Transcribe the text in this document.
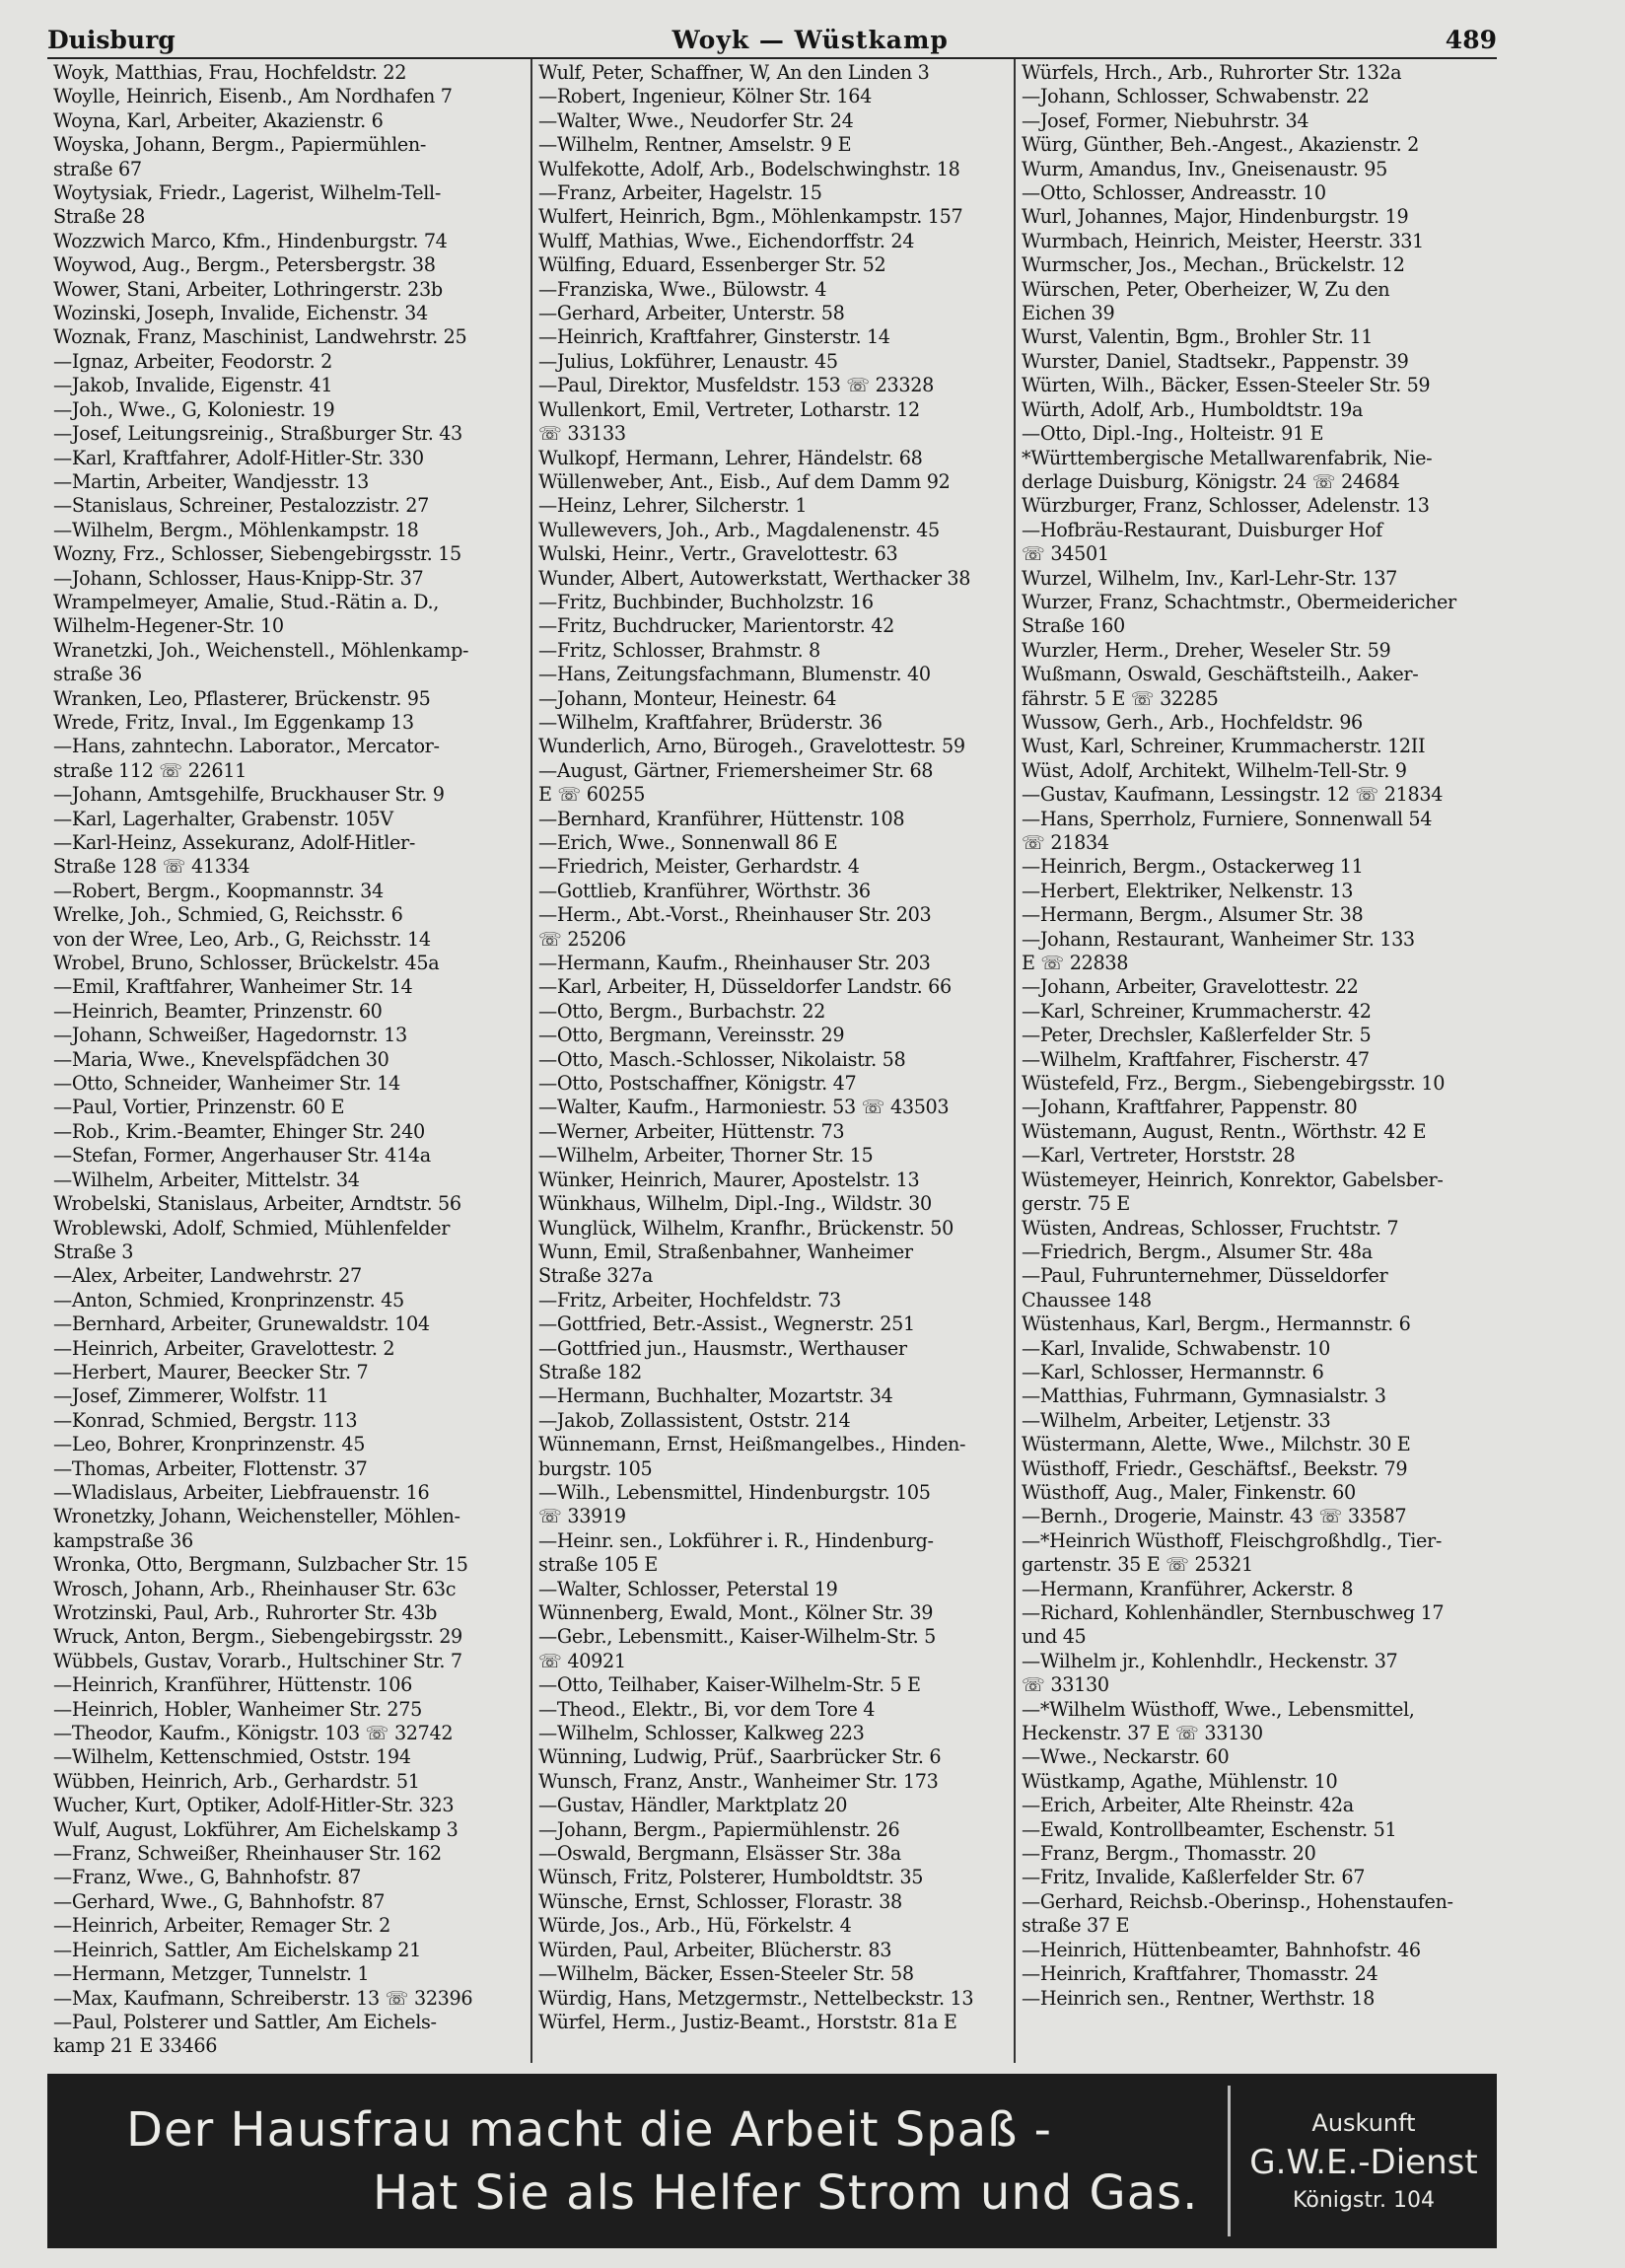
Duisburg	Woyk — Wüstkamp	489
Woyk, Matthias, Frau, Hochfeldstr. 22
Woylle, Heinrich, Eisenb., Am Nordhafen 7
Woyna, Karl, Arbeiter, Akazienstr. 6
Woyska, Johann, Bergm., Papiermühlen-
straße 67
Woytysiak, Friedr., Lagerist, Wilhelm-Tell-
Straße 28
Wozzwich Marco, Kfm., Hindenburgstr. 74
Woywod, Aug., Bergm., Petersbergstr. 38
Wower, Stani, Arbeiter, Lothringerstr. 23b
Wozinski, Joseph, Invalide, Eichenstr. 34
Woznak, Franz, Maschinist, Landwehrstr. 25
—Ignaz, Arbeiter, Feodorstr. 2
—Jakob, Invalide, Eigenstr. 41
—Joh., Wwe., G, Koloniestr. 19
—Josef, Leitungsreinig., Straßburger Str. 43
—Karl, Kraftfahrer, Adolf-Hitler-Str. 330
—Martin, Arbeiter, Wandjesstr. 13
—Stanislaus, Schreiner, Pestalozzistr. 27
—Wilhelm, Bergm., Möhlenkampstr. 18
Wozny, Frz., Schlosser, Siebengebirgsstr. 15
—Johann, Schlosser, Haus-Knipp-Str. 37
Wrampelmeyer, Amalie, Stud.-Rätin a. D.,
Wilhelm-Hegener-Str. 10
Wranetzki, Joh., Weichenstell., Möhlenkamp-
straße 36
Wranken, Leo, Pflasterer, Brückenstr. 95
Wrede, Fritz, Inval., Im Eggenkamp 13
—Hans, zahntechn. Laborator., Mercator-
straße 112 ☏ 22611
—Johann, Amtsgehilfe, Bruckhauser Str. 9
—Karl, Lagerhalter, Grabenstr. 105V
—Karl-Heinz, Assekuranz, Adolf-Hitler-
Straße 128 ☏ 41334
—Robert, Bergm., Koopmannstr. 34
Wrelke, Joh., Schmied, G, Reichsstr. 6
von der Wree, Leo, Arb., G, Reichsstr. 14
Wrobel, Bruno, Schlosser, Brückelstr. 45a
—Emil, Kraftfahrer, Wanheimer Str. 14
—Heinrich, Beamter, Prinzenstr. 60
—Johann, Schweißer, Hagedornstr. 13
—Maria, Wwe., Knevelspfädchen 30
—Otto, Schneider, Wanheimer Str. 14
—Paul, Vortier, Prinzenstr. 60 E
—Rob., Krim.-Beamter, Ehinger Str. 240
—Stefan, Former, Angerhauser Str. 414a
—Wilhelm, Arbeiter, Mittelstr. 34
Wrobelski, Stanislaus, Arbeiter, Arndtstr. 56
Wroblewski, Adolf, Schmied, Mühlenfelder
Straße 3
—Alex, Arbeiter, Landwehrstr. 27
—Anton, Schmied, Kronprinzenstr. 45
—Bernhard, Arbeiter, Grunewaldstr. 104
—Heinrich, Arbeiter, Gravelottestr. 2
—Herbert, Maurer, Beecker Str. 7
—Josef, Zimmerer, Wolfstr. 11
—Konrad, Schmied, Bergstr. 113
—Leo, Bohrer, Kronprinzenstr. 45
—Thomas, Arbeiter, Flottenstr. 37
—Wladislaus, Arbeiter, Liebfrauenstr. 16
Wronetzky, Johann, Weichensteller, Möhlen-
kampstraße 36
Wronka, Otto, Bergmann, Sulzbacher Str. 15
Wrosch, Johann, Arb., Rheinhauser Str. 63c
Wrotzinski, Paul, Arb., Ruhrorter Str. 43b
Wruck, Anton, Bergm., Siebengebirgsstr. 29
Wübbels, Gustav, Vorarb., Hultschiner Str. 7
—Heinrich, Kranführer, Hüttenstr. 106
—Heinrich, Hobler, Wanheimer Str. 275
—Theodor, Kaufm., Königstr. 103 ☏ 32742
—Wilhelm, Kettenschmied, Oststr. 194
Wübben, Heinrich, Arb., Gerhardstr. 51
Wucher, Kurt, Optiker, Adolf-Hitler-Str. 323
Wulf, August, Lokführer, Am Eichelskamp 3
—Franz, Schweißer, Rheinhauser Str. 162
—Franz, Wwe., G, Bahnhofstr. 87
—Gerhard, Wwe., G, Bahnhofstr. 87
—Heinrich, Arbeiter, Remager Str. 2
—Heinrich, Sattler, Am Eichelskamp 21
—Hermann, Metzger, Tunnelstr. 1
—Max, Kaufmann, Schreiberstr. 13 ☏ 32396
—Paul, Polsterer und Sattler, Am Eichels-
kamp 21 E 33466
Wulf, Peter, Schaffner, W, An den Linden 3
—Robert, Ingenieur, Kölner Str. 164
—Walter, Wwe., Neudorfer Str. 24
—Wilhelm, Rentner, Amselstr. 9 E
Wulfekotte, Adolf, Arb., Bodelschwinghstr. 18
—Franz, Arbeiter, Hagelstr. 15
Wulfert, Heinrich, Bgm., Möhlenkampstr. 157
Wulff, Mathias, Wwe., Eichendorffstr. 24
Wülfing, Eduard, Essenberger Str. 52
—Franziska, Wwe., Bülowstr. 4
—Gerhard, Arbeiter, Unterstr. 58
—Heinrich, Kraftfahrer, Ginsterstr. 14
—Julius, Lokführer, Lenaustr. 45
—Paul, Direktor, Musfeldstr. 153 ☏ 23328
Wullenkort, Emil, Vertreter, Lotharstr. 12
☏ 33133
Wulkopf, Hermann, Lehrer, Händelstr. 68
Wüllenweber, Ant., Eisb., Auf dem Damm 92
—Heinz, Lehrer, Silcherstr. 1
Wullewevers, Joh., Arb., Magdalenenstr. 45
Wulski, Heinr., Vertr., Gravelottestr. 63
Wunder, Albert, Autowerkstatt, Werthacker 38
—Fritz, Buchbinder, Buchholzstr. 16
—Fritz, Buchdrucker, Marientorstr. 42
—Fritz, Schlosser, Brahmstr. 8
—Hans, Zeitungsfachmann, Blumenstr. 40
—Johann, Monteur, Heinestr. 64
—Wilhelm, Kraftfahrer, Brüderstr. 36
Wunderlich, Arno, Bürogeh., Gravelottestr. 59
—August, Gärtner, Friemersheimer Str. 68
E ☏ 60255
—Bernhard, Kranführer, Hüttenstr. 108
—Erich, Wwe., Sonnenwall 86 E
—Friedrich, Meister, Gerhardstr. 4
—Gottlieb, Kranführer, Wörthstr. 36
—Herm., Abt.-Vorst., Rheinhauser Str. 203
☏ 25206
—Hermann, Kaufm., Rheinhauser Str. 203
—Karl, Arbeiter, H, Düsseldorfer Landstr. 66
—Otto, Bergm., Burbachstr. 22
—Otto, Bergmann, Vereinsstr. 29
—Otto, Masch.-Schlosser, Nikolaistr. 58
—Otto, Postschaffner, Königstr. 47
—Walter, Kaufm., Harmoniestr. 53 ☏ 43503
—Werner, Arbeiter, Hüttenstr. 73
—Wilhelm, Arbeiter, Thorner Str. 15
Wünker, Heinrich, Maurer, Apostelstr. 13
Wünkhaus, Wilhelm, Dipl.-Ing., Wildstr. 30
Wunglück, Wilhelm, Kranfhr., Brückenstr. 50
Wunn, Emil, Straßenbahner, Wanheimer
Straße 327a
—Fritz, Arbeiter, Hochfeldstr. 73
—Gottfried, Betr.-Assist., Wegnerstr. 251
—Gottfried jun., Hausmstr., Werthauser
Straße 182
—Hermann, Buchhalter, Mozartstr. 34
—Jakob, Zollassistent, Oststr. 214
Wünnemann, Ernst, Heißmangelbes., Hinden-
burgstr. 105
—Wilh., Lebensmittel, Hindenburgstr. 105
☏ 33919
—Heinr. sen., Lokführer i. R., Hindenburg-
straße 105 E
—Walter, Schlosser, Peterstal 19
Wünnenberg, Ewald, Mont., Kölner Str. 39
—Gebr., Lebensmitt., Kaiser-Wilhelm-Str. 5
☏ 40921
—Otto, Teilhaber, Kaiser-Wilhelm-Str. 5 E
—Theod., Elektr., Bi, vor dem Tore 4
—Wilhelm, Schlosser, Kalkweg 223
Wünning, Ludwig, Prüf., Saarbrücker Str. 6
Wunsch, Franz, Anstr., Wanheimer Str. 173
—Gustav, Händler, Marktplatz 20
—Johann, Bergm., Papiermühlenstr. 26
—Oswald, Bergmann, Elsässer Str. 38a
Wünsch, Fritz, Polsterer, Humboldtstr. 35
Wünsche, Ernst, Schlosser, Florastr. 38
Würde, Jos., Arb., Hü, Förkelstr. 4
Würden, Paul, Arbeiter, Blücherstr. 83
—Wilhelm, Bäcker, Essen-Steeler Str. 58
Würdig, Hans, Metzgermstr., Nettelbeckstr. 13
Würfel, Herm., Justiz-Beamt., Horststr. 81a E
Würfels, Hrch., Arb., Ruhrorter Str. 132a
—Johann, Schlosser, Schwabenstr. 22
—Josef, Former, Niebuhrstr. 34
Würg, Günther, Beh.-Angest., Akazienstr. 2
Wurm, Amandus, Inv., Gneisenaustr. 95
—Otto, Schlosser, Andreasstr. 10
Wurl, Johannes, Major, Hindenburgstr. 19
Wurmbach, Heinrich, Meister, Heerstr. 331
Wurmscher, Jos., Mechan., Brückelstr. 12
Würschen, Peter, Oberheizer, W, Zu den
Eichen 39
Wurst, Valentin, Bgm., Brohler Str. 11
Wurster, Daniel, Stadtsekr., Pappenstr. 39
Würten, Wilh., Bäcker, Essen-Steeler Str. 59
Würth, Adolf, Arb., Humboldtstr. 19a
—Otto, Dipl.-Ing., Holteistr. 91 E
*Württembergische Metallwarenfabrik, Nie-
derlage Duisburg, Königstr. 24 ☏ 24684
Würzburger, Franz, Schlosser, Adelenstr. 13
—Hofbräu-Restaurant, Duisburger Hof
☏ 34501
Wurzel, Wilhelm, Inv., Karl-Lehr-Str. 137
Wurzer, Franz, Schachtmstr., Obermeidericher
Straße 160
Wurzler, Herm., Dreher, Weseler Str. 59
Wußmann, Oswald, Geschäftsteilh., Aaker-
fährstr. 5 E ☏ 32285
Wussow, Gerh., Arb., Hochfeldstr. 96
Wust, Karl, Schreiner, Krummacherstr. 12II
Wüst, Adolf, Architekt, Wilhelm-Tell-Str. 9
—Gustav, Kaufmann, Lessingstr. 12 ☏ 21834
—Hans, Sperrholz, Furniere, Sonnenwall 54
☏ 21834
—Heinrich, Bergm., Ostackerweg 11
—Herbert, Elektriker, Nelkenstr. 13
—Hermann, Bergm., Alsumer Str. 38
—Johann, Restaurant, Wanheimer Str. 133
E ☏ 22838
—Johann, Arbeiter, Gravelottestr. 22
—Karl, Schreiner, Krummacherstr. 42
—Peter, Drechsler, Kaßlerfelder Str. 5
—Wilhelm, Kraftfahrer, Fischerstr. 47
Wüstefeld, Frz., Bergm., Siebengebirgsstr. 10
—Johann, Kraftfahrer, Pappenstr. 80
Wüstemann, August, Rentn., Wörthstr. 42 E
—Karl, Vertreter, Horststr. 28
Wüstemeyer, Heinrich, Konrektor, Gabelsber-
gerstr. 75 E
Wüsten, Andreas, Schlosser, Fruchtstr. 7
—Friedrich, Bergm., Alsumer Str. 48a
—Paul, Fuhrunternehmer, Düsseldorfer
Chaussee 148
Wüstenhaus, Karl, Bergm., Hermannstr. 6
—Karl, Invalide, Schwabenstr. 10
—Karl, Schlosser, Hermannstr. 6
—Matthias, Fuhrmann, Gymnasialstr. 3
—Wilhelm, Arbeiter, Letjenstr. 33
Wüstermann, Alette, Wwe., Milchstr. 30 E
Wüsthoff, Friedr., Geschäftsf., Beekstr. 79
Wüsthoff, Aug., Maler, Finkenstr. 60
—Bernh., Drogerie, Mainstr. 43 ☏ 33587
—*Heinrich Wüsthoff, Fleischgroßhdlg., Tier-
gartenstr. 35 E ☏ 25321
—Hermann, Kranführer, Ackerstr. 8
—Richard, Kohlenhändler, Sternbuschweg 17
und 45
—Wilhelm jr., Kohlenhdlr., Heckenstr. 37
☏ 33130
—*Wilhelm Wüsthoff, Wwe., Lebensmittel,
Heckenstr. 37 E ☏ 33130
—Wwe., Neckarstr. 60
Wüstkamp, Agathe, Mühlenstr. 10
—Erich, Arbeiter, Alte Rheinstr. 42a
—Ewald, Kontrollbeamter, Eschenstr. 51
—Franz, Bergm., Thomasstr. 20
—Fritz, Invalide, Kaßlerfelder Str. 67
—Gerhard, Reichsb.-Oberinsp., Hohenstaufen-
straße 37 E
—Heinrich, Hüttenbeamter, Bahnhofstr. 46
—Heinrich, Kraftfahrer, Thomasstr. 24
—Heinrich sen., Rentner, Werthstr. 18
Der Hausfrau macht die Arbeit Spaß -
Hat Sie als Helfer Strom und Gas.
Auskunft
G.W.E.-Dienst
Königstr. 104
